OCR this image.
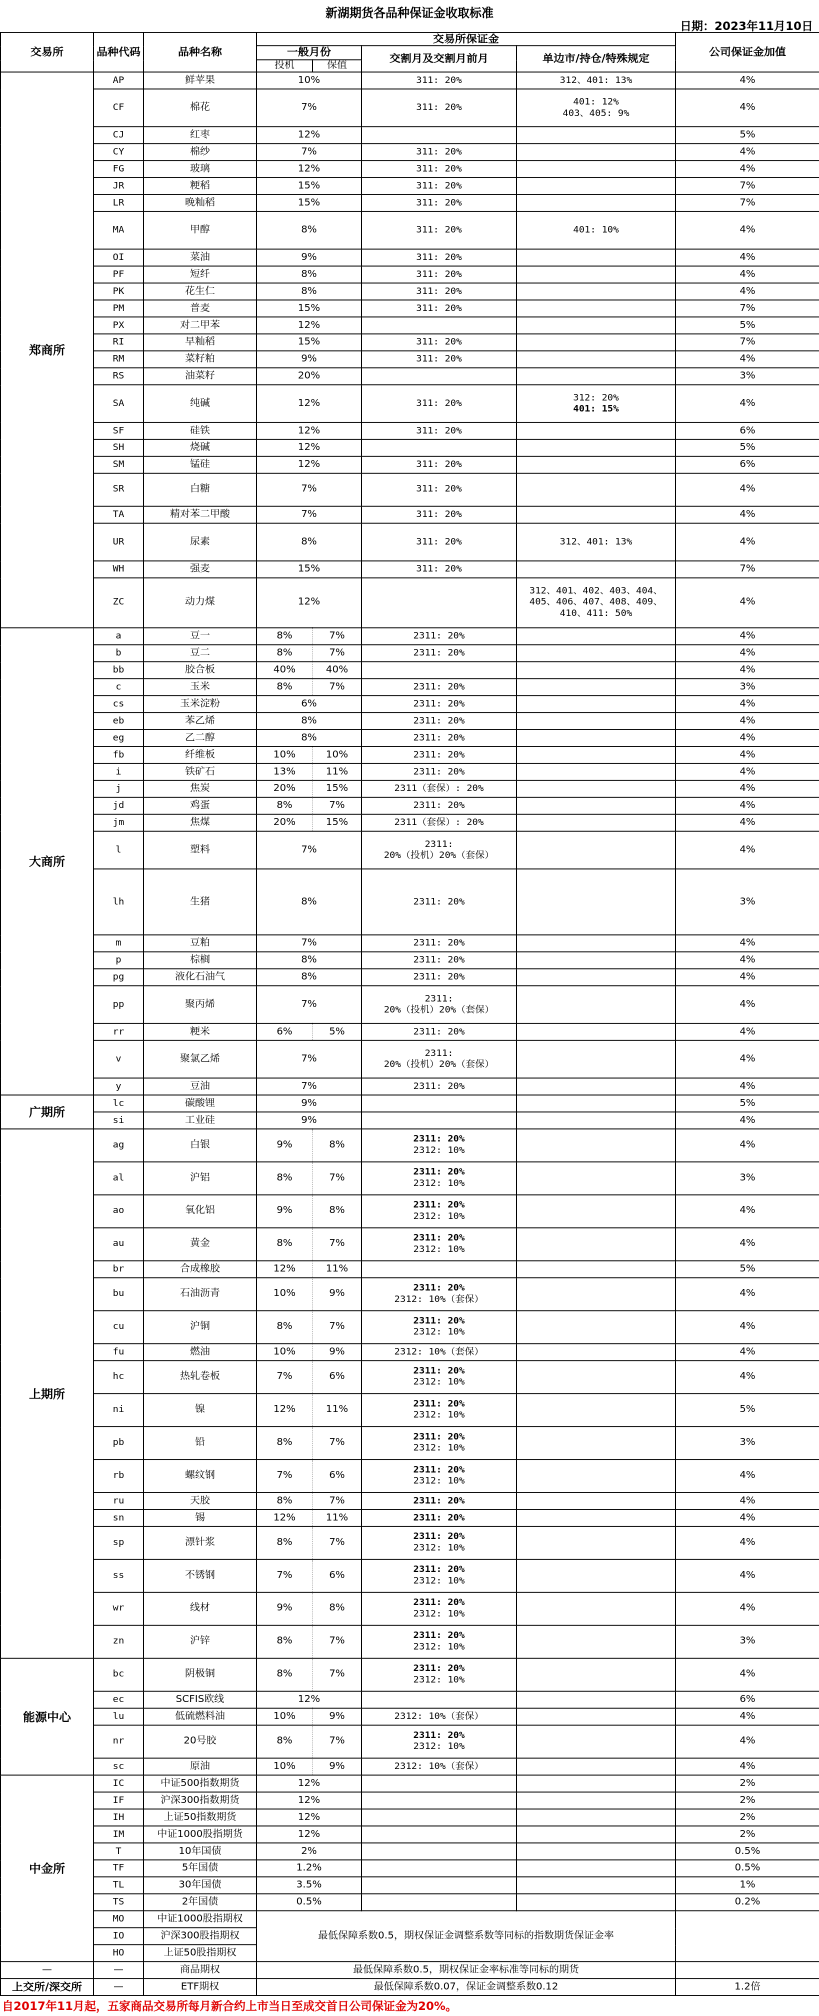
新湖期货各品种保证金收取标准
日期：2023年11月10日
交易所	品种代码	品种名称	交易所保证金				公司保证金加值
			一般月份		交割月及交割月前月	单边市/持仓/特殊规定	
			投机	保值			
郑商所	AP	鲜苹果	10%		311: 20%	312、401: 13%	4%
	CF	棉花	7%		311: 20%	401: 12%
403、405: 9%	4%
	CJ	红枣	12%				5%
	CY	棉纱	7%		311: 20%		4%
	FG	玻璃	12%		311: 20%		4%
	JR	粳稻	15%		311: 20%		7%
	LR	晚籼稻	15%		311: 20%		7%
	MA	甲醇	8%		311: 20%	401: 10%	4%
	OI	菜油	9%		311: 20%		4%
	PF	短纤	8%		311: 20%		4%
	PK	花生仁	8%		311: 20%		4%
	PM	普麦	15%		311: 20%		7%
	PX	对二甲苯	12%				5%
	RI	早籼稻	15%		311: 20%		7%
	RM	菜籽粕	9%		311: 20%		4%
	RS	油菜籽	20%				3%
	SA	纯碱	12%		311: 20%	312: 20%
401: 15%	4%
	SF	硅铁	12%		311: 20%		6%
	SH	烧碱	12%				5%
	SM	锰硅	12%		311: 20%		6%
	SR	白糖	7%		311: 20%		4%
	TA	精对苯二甲酸	7%		311: 20%		4%
	UR	尿素	8%		311: 20%	312、401: 13%	4%
	WH	强麦	15%		311: 20%		7%
	ZC	动力煤	12%			312、401、402、403、404、
405、406、407、408、409、
410、411: 50%	4%
大商所	a	豆一	8%	7%	2311: 20%		4%
	b	豆二	8%	7%	2311: 20%		4%
	bb	胶合板	40%	40%			4%
	c	玉米	8%	7%	2311: 20%		3%
	cs	玉米淀粉	6%		2311: 20%		4%
	eb	苯乙烯	8%		2311: 20%		4%
	eg	乙二醇	8%		2311: 20%		4%
	fb	纤维板	10%	10%	2311: 20%		4%
	i	铁矿石	13%	11%	2311: 20%		4%
	j	焦炭	20%	15%	2311（套保）: 20%		4%
	jd	鸡蛋	8%	7%	2311: 20%		4%
	jm	焦煤	20%	15%	2311（套保）: 20%		4%
	l	塑料	7%		2311:
20%（投机）20%（套保）		4%
	lh	生猪	8%		2311: 20%		3%
	m	豆粕	7%		2311: 20%		4%
	p	棕榈	8%		2311: 20%		4%
	pg	液化石油气	8%		2311: 20%		4%
	pp	聚丙烯	7%		2311:
20%（投机）20%（套保）		4%
	rr	粳米	6%	5%	2311: 20%		4%
	v	聚氯乙烯	7%		2311:
20%（投机）20%（套保）		4%
	y	豆油	7%		2311: 20%		4%
广期所	lc	碳酸锂	9%				5%
	si	工业硅	9%				4%
上期所	ag	白银	9%	8%	2311: 20%
2312: 10%		4%
	al	沪铝	8%	7%	2311: 20%
2312: 10%		3%
	ao	氧化铝	9%	8%	2311: 20%
2312: 10%		4%
	au	黄金	8%	7%	2311: 20%
2312: 10%		4%
	br	合成橡胶	12%	11%			5%
	bu	石油沥青	10%	9%	2311: 20%
2312: 10%（套保）		4%
	cu	沪铜	8%	7%	2311: 20%
2312: 10%		4%
	fu	燃油	10%	9%	2312: 10%（套保）		4%
	hc	热轧卷板	7%	6%	2311: 20%
2312: 10%		4%
	ni	镍	12%	11%	2311: 20%
2312: 10%		5%
	pb	铅	8%	7%	2311: 20%
2312: 10%		3%
	rb	螺纹钢	7%	6%	2311: 20%
2312: 10%		4%
	ru	天胶	8%	7%	2311: 20%		4%
	sn	锡	12%	11%	2311: 20%		4%
	sp	漂针浆	8%	7%	2311: 20%
2312: 10%		4%
	ss	不锈钢	7%	6%	2311: 20%
2312: 10%		4%
	wr	线材	9%	8%	2311: 20%
2312: 10%		4%
	zn	沪锌	8%	7%	2311: 20%
2312: 10%		3%
能源中心	bc	阴极铜	8%	7%	2311: 20%
2312: 10%		4%
	ec	SCFIS欧线	12%				6%
	lu	低硫燃料油	10%	9%	2312: 10%（套保）		4%
	nr	20号胶	8%	7%	2311: 20%
2312: 10%		4%
	sc	原油	10%	9%	2312: 10%（套保）		4%
中金所	IC	中证500指数期货	12%				2%
	IF	沪深300指数期货	12%				2%
	IH	上证50指数期货	12%				2%
	IM	中证1000股指期货	12%				2%
	T	10年国债	2%				0.5%
	TF	5年国债	1.2%				0.5%
	TL	30年国债	3.5%				1%
	TS	2年国债	0.5%				0.2%
	MO	中证1000股指期权	最低保障系数0.5，期权保证金调整系数等同标的指数期货保证金率				
	IO	沪深300股指期权					
	HO	上证50股指期权					
—	—	商品期权	最低保障系数0.5，期权保证金率标准等同标的期货				
上交所/深交所	—	ETF期权	最低保障系数0.07，保证金调整系数0.12				1.2倍
自2017年11月起，五家商品交易所每月新合约上市当日至成交首日公司保证金为20%。
